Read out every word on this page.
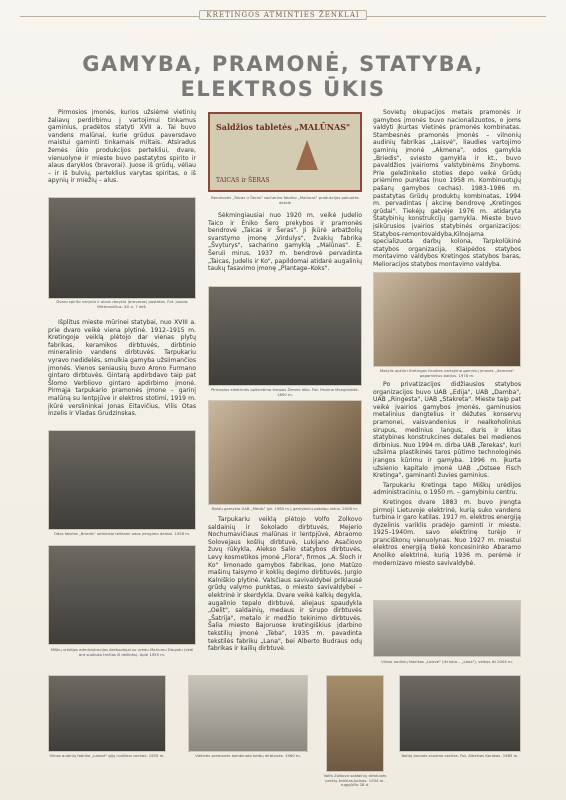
KRETINGOS ATMINTIES ŽENKLAI
GAMYBA, PRAMONĖ, STATYBA, ELEKTROS ŪKIS

Pirmosios įmonės, kurios užsiėmė vietinių žaliavų perdirbimu į vartojimui tinkamus gaminius, pradėtos statyti XVII a. Tai buvo vandens malūnai, kurie grūdus paversdavo maistui gaminti tinkamais miltais. Atsiradus žemės ūkio produkcijos pertekliui, dvare, vienuolyne ir mieste buvo pastatytos spirito ir alaus daryklos (bravorai). Juose iš grūdų, vėliau – ir iš bulvių, perteklius varytas spiritas, o iš apynių ir miežių – alus.

Dvaro spirito varykla ir alaus darykla (bravoras) pastatas. Fot. Juozas Mikėnavičius. XX a. 7 dėš.

Išplitus mieste mūrinei statybai, nuo XVIII a. prie dvaro veikė viena plytinė. 1912–1915 m. Kretingoje veiklą plėtojo dar vienas plytų fabrikas, keramikos dirbtuvės, dirbtinio mineralinio vandens dirbtuvės. Tarpukariu vyravo nedidelės, smulkia gamyba užsiimančios įmonės. Vienos seniausių buvo Arono Furmano gintaro dirbtuvės. Gintarą apdirbdavo taip pat Šlomo Verbliovo gintaro apdirbimo įmonė. Pirmąja tarpukario pramonės įmone – garinį malūną su lentpjūve ir elektros stotimi, 1919 m. įkūrė verslininkai Jonas Eitavičius, Vilis Otas Inzelis ir Vladas Grudzinskas.

Odos fabrike „Briedis" odininkai telkiami odos įrengimo darbai. 1958 m.
Miškų urėdijos administracijos darbuotojai su urėdu Mariumu Daujotu (sėdi ant suoliuko trečias iš dešinės). Apie 1955 m.
Saldžios tabletės „MALŪNAS"
TAICAS ir ŠERAS
Bendrovės „Taicas ir Šeras" sacharino fabriko „Malūnas" produkcijos pakuotės detalė

Sėkmingiausiai nuo 1920 m. veikė Judelio Taico ir Eniko Šero prekybos ir pramonės bendrovė „Taicas ir Šeras". Ji įkūrė arbatžolių svarstymo įmonę „Virdulys", žvakių fabriką „Švyturys", sacharino gamyklą „Malūnas". E. Šeruii mirus, 1937 m. bendrovė pervadinta „Taicas, Judelis ir Ko", papildomai atidarė augalinių taukų fasavimo įmonę „Plantage–Koks".

Pirmosios elektrinės apšvietimo lempos Žemės ūkio. Fot. Paulina Mongirdaitė. 1890 m.
Baldų gamykla UAB „Mėdis" (pt. 1980 m.) gamybinių patalpų vidus. 2008 m.

Tarpukariu veiklą plėtojo Volfo Zolkovo saldainių ir šokolado dirbtuvės, Mejerio Nochumavičiaus malūnas ir lentpjūvė, Abraomo Solovejaus košlių dirbtuvė, Lukijano Asačiovo žuvų rūkykla, Alekso Salio statybos dirbtuvės, Levy kosmetikos įmonė „Flora", firmos „A. Šloch ir Ko" limonado gamybos fabrikas, Jono Matūzo mašinų taisymo ir koklių degimo dirbtuvės, Jurgio Kalniškio plytinė. Valsčiaus savivaldybei priklausė grūdų valymo punktas, o miesto savivaldybei – elektrinė ir skerdykla. Dvare veikė kalkių degykla, augalinio tepalo dirbtuvė, aliejaus spaudykla „Oelit", saldainių, medaus ir sirupo dirbtuvės „Šatrija", metalo ir medžio tekinimo dirbtuvės. Šalia miesto Bajoruose kretingiškius įdarbino tekstilių įmonė „Teba", 1935 m. pavadinta tekstilės fabriku „Lana", bei Alberto Budraus odų fabrikas ir kailių dirbtuvė.

Sovietų okupacijos metais pramonės ir gamybos įmonės buvo nacionalizuotos, o joms valdyti įkurtas Vietinės pramonės kombinatas. Stambesnės pramonės įmonės – vilnonių audinių fabrikas „Laisvė", liaudies vartojimo gaminių įmonė „Akmena", odos gamykla „Briedis", sviesto gamykla ir kt., buvo pavaldžios įvairioms valstybinėms žinyboms. Prie geležinkelio stoties depo veikė Grūdų priėmimo punktas (nuo 1958 m. Kombinuotųjų pašarų gamybos cechas). 1983–1986 m. pastatytas Grūdų produktų kombinatas, 1994 m. pervadintas į akcinę bendrovę „Kretingos grūdai". Tiekėjų gatvėje 1976 m. atidaryta Statybinių konstrukcijų gamykla. Mieste buvo įsikūrusios įvairios statybinės organizacijos: Statybos-remontovaldyba,Kilnojama specializuota darbų kolona, Tarpkolūkinė statybos organizacija, Klaipėdos statybos montavimo valdybos Kretingos statybos baras, Melioracijos statybos montavimo valdyba.

Mažylis apžiūri Kretingos liaudies vartojimo gaminių įmonės „Akmena" pagamintus baldus. 1978 m.

Po privatizacijos didžiausios statybos organizacijos buvo UAB „Edija", UAB „Damba", UAB „Ringesta", UAB „Stakreta". Mieste taip pat veikė įvairios gamybos įmonės, gaminusios metalinius dangtelius ir dėžutes konservų pramonei, vaisvandenius ir nealkoholinius sirupus, medinius langus, duris ir kitas statybines konstrukcines detales bei medienos dirbinius. Nuo 1994 m. dirba UAB „Terekas", kuri užsiima plastikinės taros pūtimo technologinės įrangos kūrimu ir gamyba. 1996 m. įkurta užsienio kapitalo įmonė UAB „Ostsee Fisch Kretinga", gaminanti žuvies gaminius.

Tarpukariu Kretinga tapo Miškų urėdijos administraciniu, o 1950 m. – gamybiniu centru.

Kretingos dvare 1883 m. buvo įrengta pirmoji Lietuvoje elektrinė, kurią suko vandens turbina ir garo katilas. 1917 m. elektros energiją dyzelinis variklis pradėjo gaminti ir mieste. 1925–1940m. savo elektrinę turėjo ir pranciškonų vienuolynas. Nuo 1927 m. miestui elektros energiją tiekė koncesininko Abaramo Anoliko elektrinė, kurią 1936 m. perėmė ir modernizavo miesto savivaldybė.

Vilnos audinių fabrikas „Laisvė" (iki karo – „Lana"), veikęs iki 2004 m.
Vilnos audinių fabriko „Laisvė" gijų ruošimo cechas. 1955 m.	Vietinės pramonės kombinato baldų dirbtuvės. 1960 m.
Volfo Zolkovo saldainių dirbtuvės prekių ženklas-kalnas. 1934 m. rugpjūčio 28 d.
Baldų įmonės siuvimo cechas. Fot. Albertas Karokas. 1965 m.
